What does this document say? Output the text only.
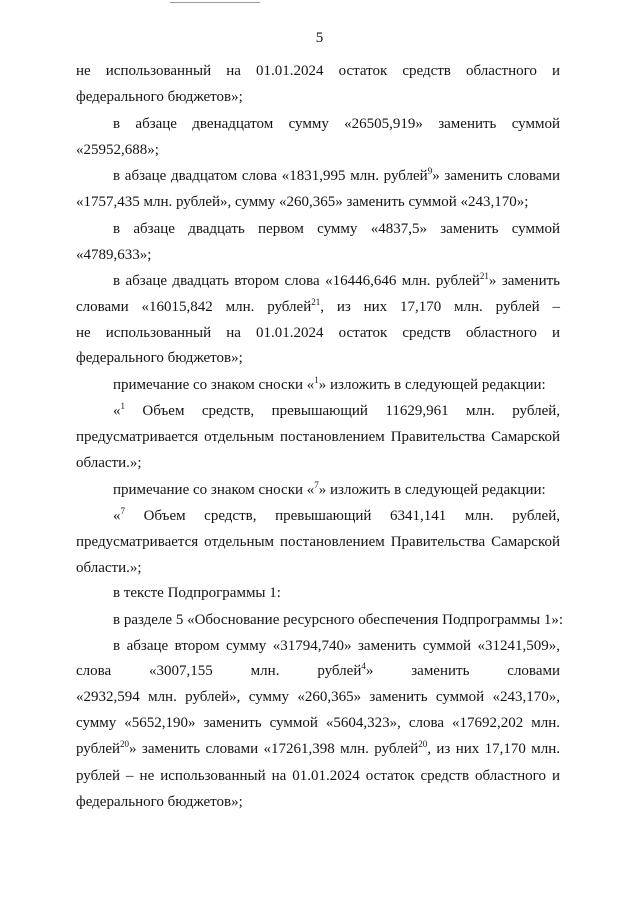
5
не использованный на 01.01.2024 остаток средств областного и
федерального бюджетов»;
в абзаце двенадцатом сумму «26505,919» заменить суммой
«25952,688»;
в абзаце двадцатом слова «1831,995 млн. рублей$^9$» заменить словами
«1757,435 млн. рублей», сумму «260,365» заменить суммой «243,170»;
в абзаце двадцать первом сумму «4837,5» заменить суммой
«4789,633»;
в абзаце двадцать втором слова «16446,646 млн. рублей$^{21}$» заменить
словами «16015,842 млн. рублей$^{21}$, из них 17,170 млн. рублей –
не использованный на 01.01.2024 остаток средств областного и
федерального бюджетов»;
примечание со знаком сноски «$^1$» изложить в следующей редакции:
«$^1$ Объем средств, превышающий 11629,961 млн. рублей,
предусматривается отдельным постановлением Правительства Самарской
области.»;
примечание со знаком сноски «$^7$» изложить в следующей редакции:
«$^7$ Объем средств, превышающий 6341,141 млн. рублей,
предусматривается отдельным постановлением Правительства Самарской
области.»;
в тексте Подпрограммы 1:
в разделе 5 «Обоснование ресурсного обеспечения Подпрограммы 1»:
в абзаце втором сумму «31794,740» заменить суммой «31241,509»,
слова «3007,155 млн. рублей$^4$» заменить словами
«2932,594 млн. рублей», сумму «260,365» заменить суммой «243,170»,
сумму «5652,190» заменить суммой «5604,323», слова «17692,202 млн.
рублей$^{20}$» заменить словами «17261,398 млн. рублей$^{20}$, из них 17,170 млн.
рублей – не использованный на 01.01.2024 остаток средств областного и
федерального бюджетов»;
